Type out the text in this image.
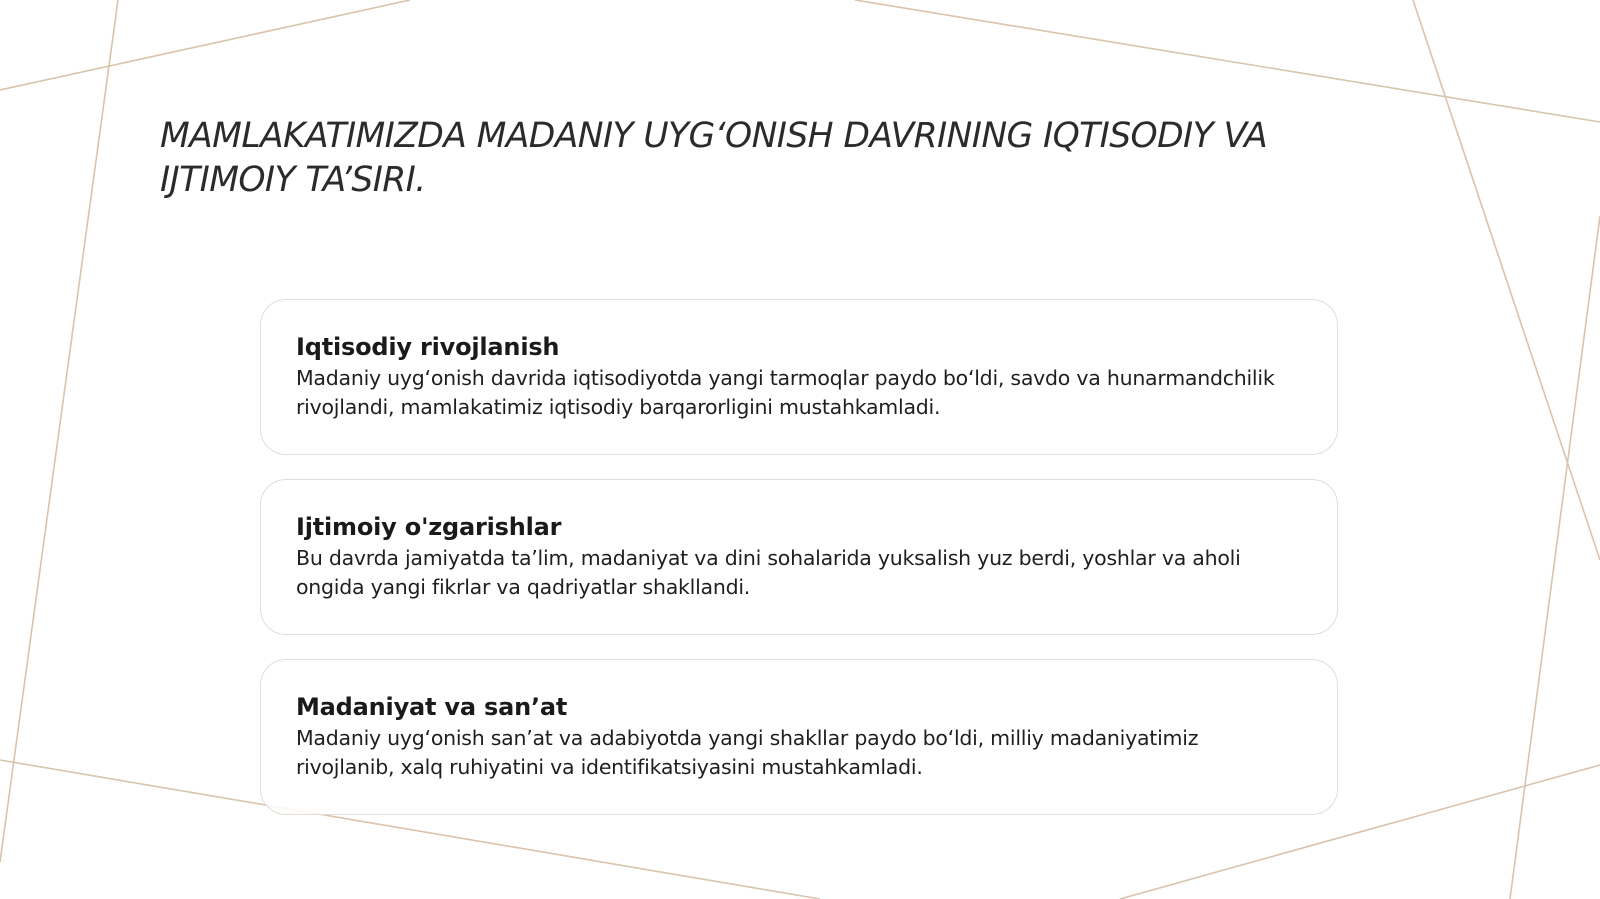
MAMLAKATIMIZDA MADANIY UYG‘ONISH DAVRINING IQTISODIY VA IJTIMOIY TA’SIRI.
Iqtisodiy rivojlanish

Madaniy uyg‘onish davrida iqtisodiyotda yangi tarmoqlar paydo bo‘ldi, savdo va hunarmandchilik rivojlandi, mamlakatimiz iqtisodiy barqarorligini mustahkamladi.

Ijtimoiy o'zgarishlar

Bu davrda jamiyatda ta’lim, madaniyat va dini sohalarida yuksalish yuz berdi, yoshlar va aholi ongida yangi fikrlar va qadriyatlar shakllandi.

Madaniyat va san’at

Madaniy uyg‘onish san’at va adabiyotda yangi shakllar paydo bo‘ldi, milliy madaniyatimiz rivojlanib, xalq ruhiyatini va identifikatsiyasini mustahkamladi.
